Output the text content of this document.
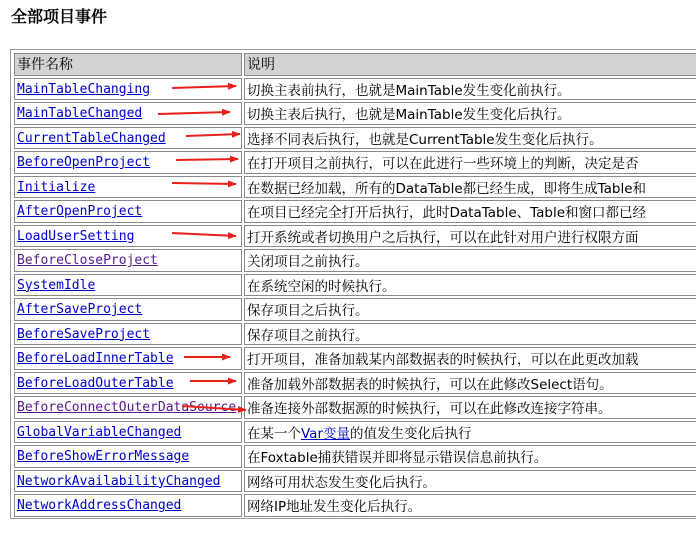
全部项目事件
事件名称	说明
MainTableChanging	切换主表前执行，也就是MainTable发生变化前执行。
MainTableChanged	切换主表后执行，也就是MainTable发生变化后执行。
CurrentTableChanged	选择不同表后执行，也就是CurrentTable发生变化后执行。
BeforeOpenProject	在打开项目之前执行，可以在此进行一些环境上的判断，决定是否
Initialize	在数据已经加载，所有的DataTable都已经生成，即将生成Table和
AfterOpenProject	在项目已经完全打开后执行，此时DataTable、Table和窗口都已经
LoadUserSetting	打开系统或者切换用户之后执行，可以在此针对用户进行权限方面
BeforeCloseProject	关闭项目之前执行。
SystemIdle	在系统空闲的时候执行。
AfterSaveProject	保存项目之后执行。
BeforeSaveProject	保存项目之前执行。
BeforeLoadInnerTable	打开项目，准备加载某内部数据表的时候执行，可以在此更改加载
BeforeLoadOuterTable	准备加载外部数据表的时候执行，可以在此修改Select语句。
BeforeConnectOuterDataSource	准备连接外部数据源的时候执行，可以在此修改连接字符串。
GlobalVariableChanged	在某一个Var变量的值发生变化后执行
BeforeShowErrorMessage	在Foxtable捕获错误并即将显示错误信息前执行。
NetworkAvailabilityChanged	网络可用状态发生变化后执行。
NetworkAddressChanged	网络IP地址发生变化后执行。
